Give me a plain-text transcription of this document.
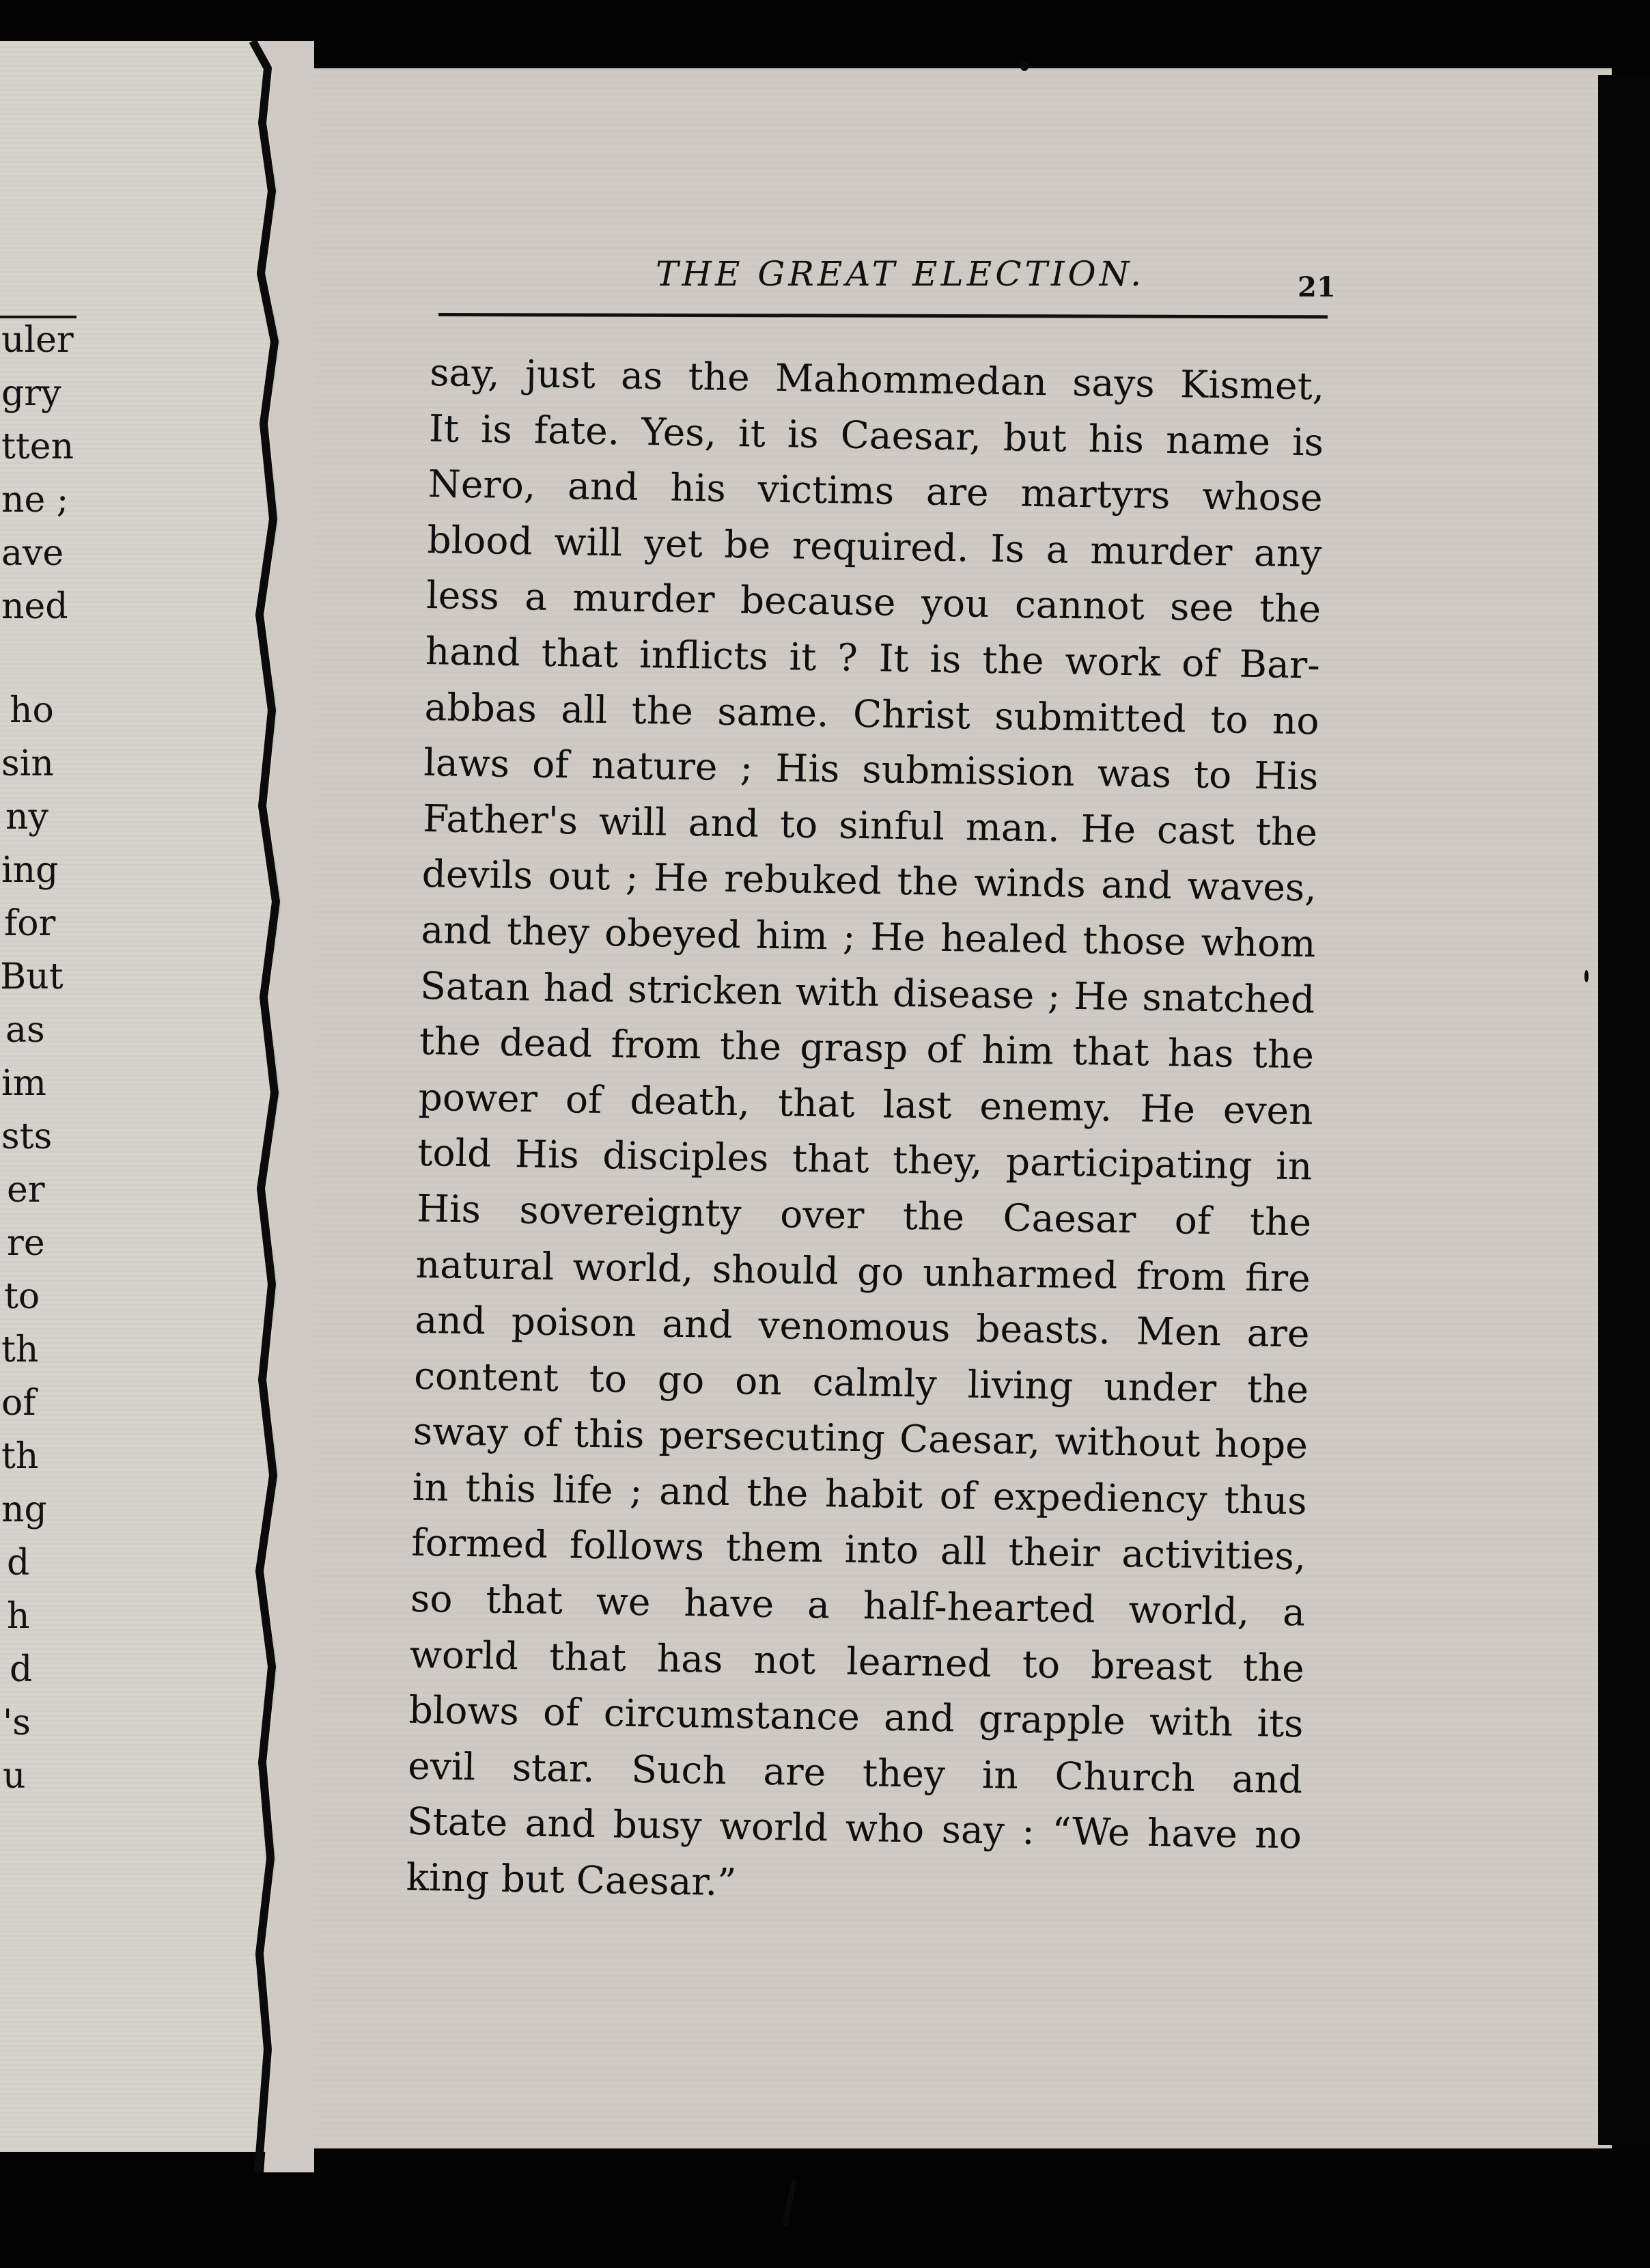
uler
gry
tten
ne ;
ave
ned
ho
sin
ny
ing
for
But
as
im
sts
er
re
to
th
of
th
ng
d
h
d
's
u
THE GREAT ELECTION.	21
say, just as the Mahommedan says Kismet,
It is fate. Yes, it is Caesar, but his name is
Nero, and his victims are martyrs whose
blood will yet be required. Is a murder any
less a murder because you cannot see the
hand that inflicts it ? It is the work of Bar-
abbas all the same. Christ submitted to no
laws of nature ; His submission was to His
Father's will and to sinful man. He cast the
devils out ; He rebuked the winds and waves,
and they obeyed him ; He healed those whom
Satan had stricken with disease ; He snatched
the dead from the grasp of him that has the
power of death, that last enemy. He even
told His disciples that they, participating in
His sovereignty over the Caesar of the
natural world, should go unharmed from fire
and poison and venomous beasts. Men are
content to go on calmly living under the
sway of this persecuting Caesar, without hope
in this life ; and the habit of expediency thus
formed follows them into all their activities,
so that we have a half-hearted world, a
world that has not learned to breast the
blows of circumstance and grapple with its
evil star. Such are they in Church and
State and busy world who say : “We have no
king but Caesar.”
